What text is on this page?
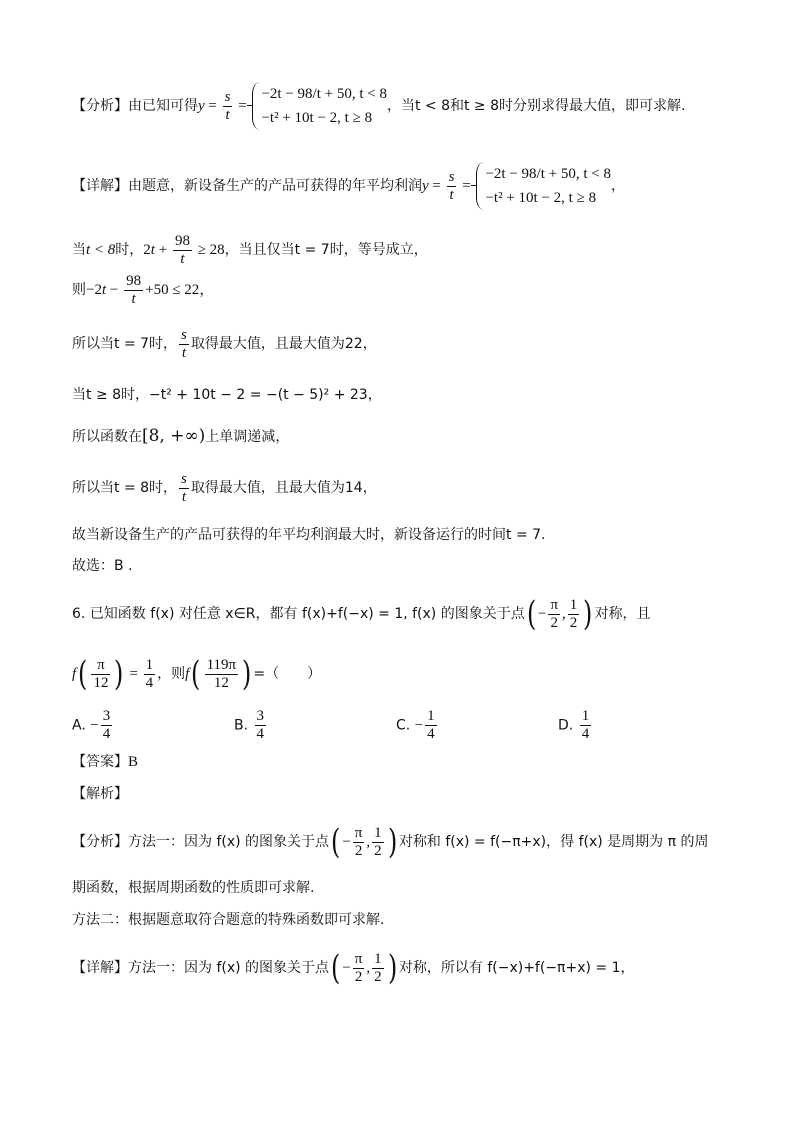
【分析】由已知可得$y = \frac{s}{t}$ =
−2t − 98/t + 50, t < 8
−t² + 10t − 2, t ≥ 8
，当t < 8和t ≥ 8时分别求得最大值，即可求解.
【详解】由题意，新设备生产的产品可获得的年平均利润$y = \frac{s}{t}$ =
−2t − 98/t + 50, t < 8
−t² + 10t − 2, t ≥ 8
，
当t < 8时，$2t + \frac{98}{t} \ge 28$，当且仅当t = 7时，等号成立，
则$-2t - \frac{98}{t} +50 \le 22$，
所以当t = 7时， $\frac{s}{t}$ 取得最大值，且最大值为22，
当t ≥ 8时，−t² + 10t − 2 = −(t − 5)² + 23，
所以函数在[8, +∞)上单调递减，
所以当t = 8时， $\frac{s}{t}$ 取得最大值，且最大值为14，
故当新设备生产的产品可获得的年平均利润最大时，新设备运行的时间t = 7.
故选：B .
6. 已知函数 f(x) 对任意 x∈R，都有 f(x)+f(−x) = 1, f(x) 的图象关于点( − $\frac{\pi}{2}$ , $\frac{1}{2}$ ) 对称，且
$f( \frac{\pi}{12}$ ) = $\frac{1}{4}$ ，则$f( \frac{119\pi}{12}$ ) =（　　）
A. − $\frac{3}{4}$	B. $\frac{3}{4}$	C. − $\frac{1}{4}$	D. $\frac{1}{4}$
【答案】B
【解析】
【分析】方法一：因为 f(x) 的图象关于点( − $\frac{\pi}{2}$ , $\frac{1}{2}$ ) 对称和 f(x) = f(−π+x)，得 f(x) 是周期为 π 的周
期函数，根据周期函数的性质即可求解.
方法二：根据题意取符合题意的特殊函数即可求解.
【详解】方法一：因为 f(x) 的图象关于点( − $\frac{\pi}{2}$ , $\frac{1}{2}$ ) 对称，所以有 f(−x)+f(−π+x) = 1，
